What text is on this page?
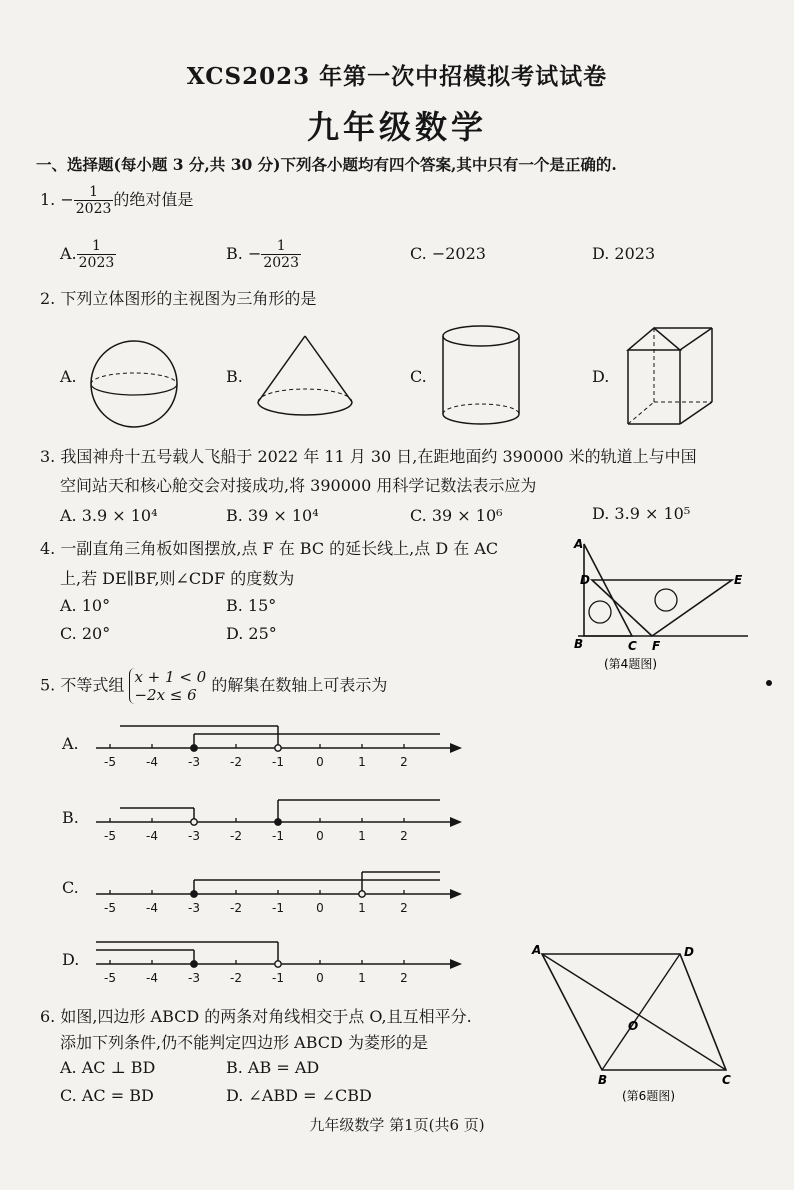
XCS2023 年第一次中招模拟考试试卷
九年级数学
一、选择题(每小题 3 分,共 30 分)下列各小题均有四个答案,其中只有一个是正确的.
1. − $\frac{1}{2023}$ 的绝对值是
A. $\frac{1}{2023}$	B. − $\frac{1}{2023}$	C. −2023	D. 2023
2. 下列立体图形的主视图为三角形的是
A.	B.	C.	D.
3. 我国神舟十五号载人飞船于 2022 年 11 月 30 日,在距地面约 390000 米的轨道上与中国
空间站天和核心舱交会对接成功,将 390000 用科学记数法表示应为
A. 3.9 × 10⁴	B. 39 × 10⁴	C. 39 × 10⁶	D. 3.9 × 10⁵
4. 一副直角三角板如图摆放,点 F 在 BC 的延长线上,点 D 在 AC
上,若 DE∥BF,则∠CDF 的度数为
A. 10°	B. 15°
C. 20°	D. 25°
B
A
D	E
C F
(第4题图)
5. 不等式组 x + 1 < 0
−2x ≤ 6
的解集在数轴上可表示为
A.
B.
C.
D.
-5	-4	-3	-2	-1	0	1	2
-5	-4	-3	-2	-1	0	1	2
-5	-4	-3	-2	-1	0	1	2
-5	-4	-3	-2	-1	0	1	2
6. 如图,四边形 ABCD 的两条对角线相交于点 O,且互相平分.
添加下列条件,仍不能判定四边形 ABCD 为菱形的是
A. AC ⊥ BD	B. AB = AD
C. AC = BD	D. ∠ABD = ∠CBD
A	D
B	C
O
(第6题图)
九年级数学 第1页(共6 页)
